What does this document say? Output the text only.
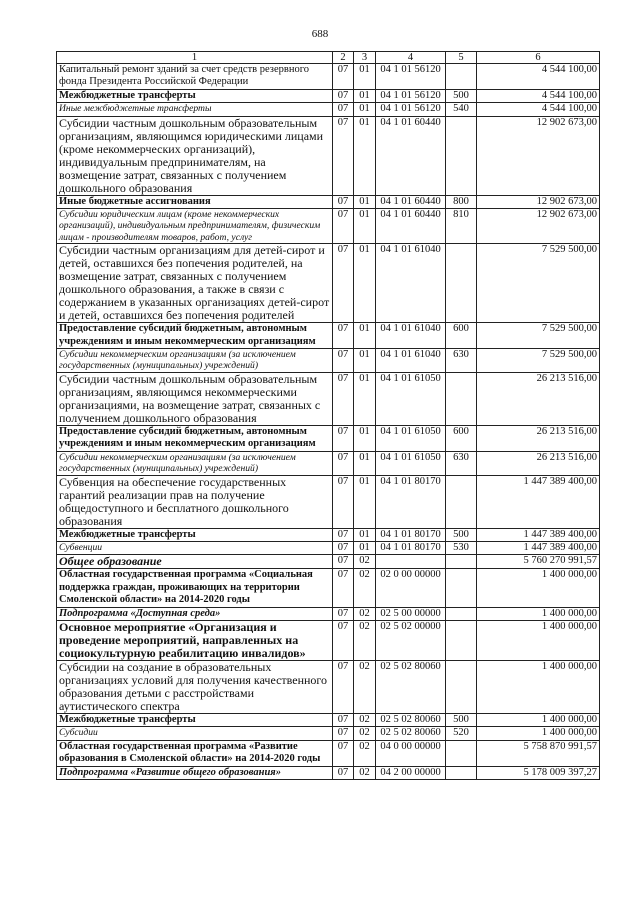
688
1	2	3	4	5	6
Капитальный ремонт зданий за счет средств резервного фонда Президента Российской Федерации	07	01	04 1 01 56120		4 544 100,00
Межбюджетные трансферты	07	01	04 1 01 56120	500	4 544 100,00
Иные межбюджетные трансферты	07	01	04 1 01 56120	540	4 544 100,00
Субсидии частным дошкольным образовательным организациям, являющимся юридическими лицами (кроме некоммерческих организаций), индивидуальным предпринимателям, на возмещение затрат, связанных с получением дошкольного образования	07	01	04 1 01 60440		12 902 673,00
Иные бюджетные ассигнования	07	01	04 1 01 60440	800	12 902 673,00
Субсидии юридическим лицам (кроме некоммерческих организаций), индивидуальным предпринимателям, физическим лицам - производителям товаров, работ, услуг	07	01	04 1 01 60440	810	12 902 673,00
Субсидии частным организациям для детей-сирот и детей, оставшихся без попечения родителей, на возмещение затрат, связанных с получением дошкольного образования, а также в связи с содержанием в указанных организациях детей-сирот и детей, оставшихся без попечения родителей	07	01	04 1 01 61040		7 529 500,00
Предоставление субсидий бюджетным, автономным учреждениям и иным некоммерческим организациям	07	01	04 1 01 61040	600	7 529 500,00
Субсидии некоммерческим организациям (за исключением государственных (муниципальных) учреждений)	07	01	04 1 01 61040	630	7 529 500,00
Субсидии частным дошкольным образовательным организациям, являющимся некоммерческими организациями, на возмещение затрат, связанных с получением дошкольного образования	07	01	04 1 01 61050		26 213 516,00
Предоставление субсидий бюджетным, автономным учреждениям и иным некоммерческим организациям	07	01	04 1 01 61050	600	26 213 516,00
Субсидии некоммерческим организациям (за исключением государственных (муниципальных) учреждений)	07	01	04 1 01 61050	630	26 213 516,00
Субвенция на обеспечение государственных гарантий реализации прав на получение общедоступного и бесплатного дошкольного образования	07	01	04 1 01 80170		1 447 389 400,00
Межбюджетные трансферты	07	01	04 1 01 80170	500	1 447 389 400,00
Субвенции	07	01	04 1 01 80170	530	1 447 389 400,00
Общее образование	07	02			5 760 270 991,57
Областная государственная программа «Социальная поддержка граждан, проживающих на территории Смоленской области» на 2014-2020 годы	07	02	02 0 00 00000		1 400 000,00
Подпрограмма «Доступная среда»	07	02	02 5 00 00000		1 400 000,00
Основное мероприятие «Организация и проведение мероприятий, направленных на социокультурную реабилитацию инвалидов»	07	02	02 5 02 00000		1 400 000,00
Субсидии на создание в образовательных организациях условий для получения качественного образования детьми с расстройствами аутистического спектра	07	02	02 5 02 80060		1 400 000,00
Межбюджетные трансферты	07	02	02 5 02 80060	500	1 400 000,00
Субсидии	07	02	02 5 02 80060	520	1 400 000,00
Областная государственная программа «Развитие образования в Смоленской области» на 2014-2020 годы	07	02	04 0 00 00000		5 758 870 991,57
Подпрограмма «Развитие общего образования»	07	02	04 2 00 00000		5 178 009 397,27
